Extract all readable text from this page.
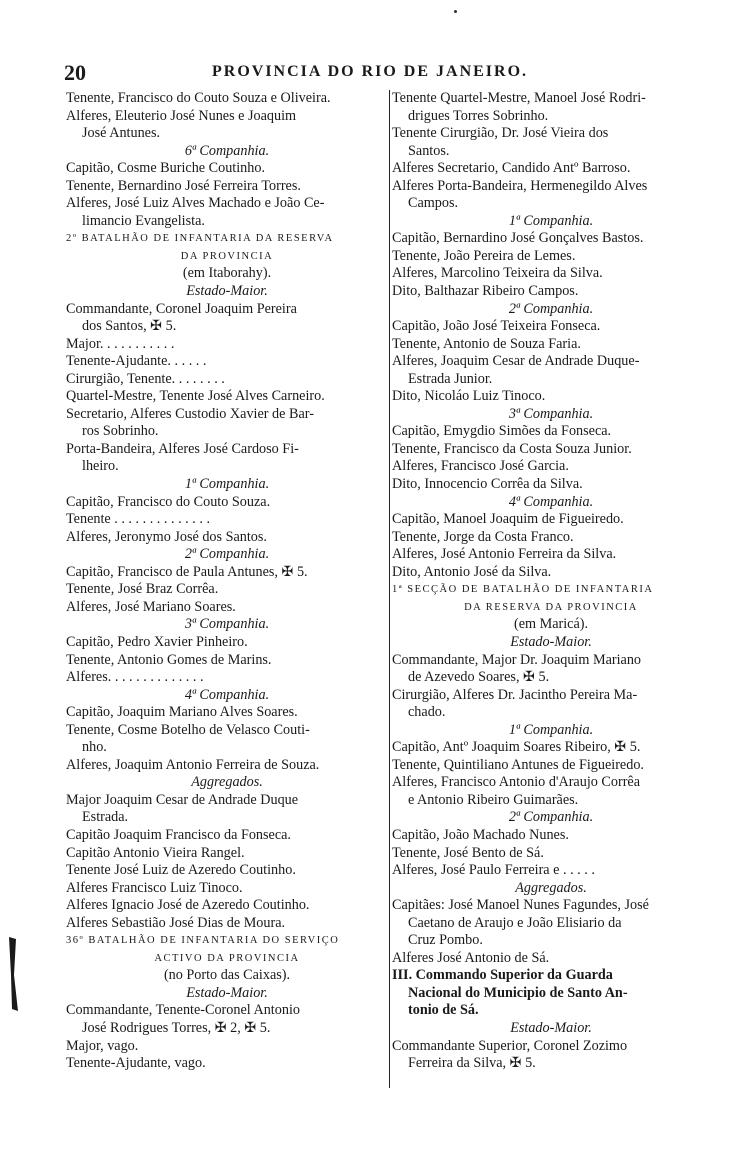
20	PROVINCIA DO RIO DE JANEIRO.
Tenente, Francisco do Couto Souza e Oliveira.
Alferes, Eleuterio José Nunes e Joaquim
José Antunes.
6ª Companhia.
Capitão, Cosme Buriche Coutinho.
Tenente, Bernardino José Ferreira Torres.
Alferes, José Luiz Alves Machado e João Ce-
limancio Evangelista.
2º BATALHÃO DE INFANTARIA DA RESERVA
DA PROVINCIA
(em Itaborahy).
Estado-Maior.
Commandante, Coronel Joaquim Pereira
dos Santos, ✠ 5.
Major. . . . . . . . . . .
Tenente-Ajudante. . . . . .
Cirurgião, Tenente. . . . . . . .
Quartel-Mestre, Tenente José Alves Carneiro.
Secretario, Alferes Custodio Xavier de Bar-
ros Sobrinho.
Porta-Bandeira, Alferes José Cardoso Fi-
lheiro.
1ª Companhia.
Capitão, Francisco do Couto Souza.
Tenente . . . . . . . . . . . . . .
Alferes, Jeronymo José dos Santos.
2ª Companhia.
Capitão, Francisco de Paula Antunes, ✠ 5.
Tenente, José Braz Corrêa.
Alferes, José Mariano Soares.
3ª Companhia.
Capitão, Pedro Xavier Pinheiro.
Tenente, Antonio Gomes de Marins.
Alferes. . . . . . . . . . . . . .
4ª Companhia.
Capitão, Joaquim Mariano Alves Soares.
Tenente, Cosme Botelho de Velasco Couti-
nho.
Alferes, Joaquim Antonio Ferreira de Souza.
Aggregados.
Major Joaquim Cesar de Andrade Duque
Estrada.
Capitão Joaquim Francisco da Fonseca.
Capitão Antonio Vieira Rangel.
Tenente José Luiz de Azeredo Coutinho.
Alferes Francisco Luiz Tinoco.
Alferes Ignacio José de Azeredo Coutinho.
Alferes Sebastião José Dias de Moura.
36º BATALHÃO DE INFANTARIA DO SERVIÇO
ACTIVO DA PROVINCIA
(no Porto das Caixas).
Estado-Maior.
Commandante, Tenente-Coronel Antonio
José Rodrigues Torres, ✠ 2, ✠ 5.
Major, vago.
Tenente-Ajudante, vago.
Tenente Quartel-Mestre, Manoel José Rodri-
drigues Torres Sobrinho.
Tenente Cirurgião, Dr. José Vieira dos
Santos.
Alferes Secretario, Candido Antº Barroso.
Alferes Porta-Bandeira, Hermenegildo Alves
Campos.
1ª Companhia.
Capitão, Bernardino José Gonçalves Bastos.
Tenente, João Pereira de Lemes.
Alferes, Marcolino Teixeira da Silva.
Dito, Balthazar Ribeiro Campos.
2ª Companhia.
Capitão, João José Teixeira Fonseca.
Tenente, Antonio de Souza Faria.
Alferes, Joaquim Cesar de Andrade Duque-
Estrada Junior.
Dito, Nicoláo Luiz Tinoco.
3ª Companhia.
Capitão, Emygdio Simões da Fonseca.
Tenente, Francisco da Costa Souza Junior.
Alferes, Francisco José Garcia.
Dito, Innocencio Corrêa da Silva.
4ª Companhia.
Capitão, Manoel Joaquim de Figueiredo.
Tenente, Jorge da Costa Franco.
Alferes, José Antonio Ferreira da Silva.
Dito, Antonio José da Silva.
1ª SECÇÃO DE BATALHÃO DE INFANTARIA
DA RESERVA DA PROVINCIA
(em Maricá).
Estado-Maior.
Commandante, Major Dr. Joaquim Mariano
de Azevedo Soares, ✠ 5.
Cirurgião, Alferes Dr. Jacintho Pereira Ma-
chado.
1ª Companhia.
Capitão, Antº Joaquim Soares Ribeiro, ✠ 5.
Tenente, Quintiliano Antunes de Figueiredo.
Alferes, Francisco Antonio d'Araujo Corrêa
e Antonio Ribeiro Guimarães.
2ª Companhia.
Capitão, João Machado Nunes.
Tenente, José Bento de Sá.
Alferes, José Paulo Ferreira e . . . . .
Aggregados.
Capitães: José Manoel Nunes Fagundes, José
Caetano de Araujo e João Elisiario da
Cruz Pombo.
Alferes José Antonio de Sá.
III. Commando Superior da Guarda
Nacional do Municipio de Santo An-
tonio de Sá.
Estado-Maior.
Commandante Superior, Coronel Zozimo
Ferreira da Silva, ✠ 5.
